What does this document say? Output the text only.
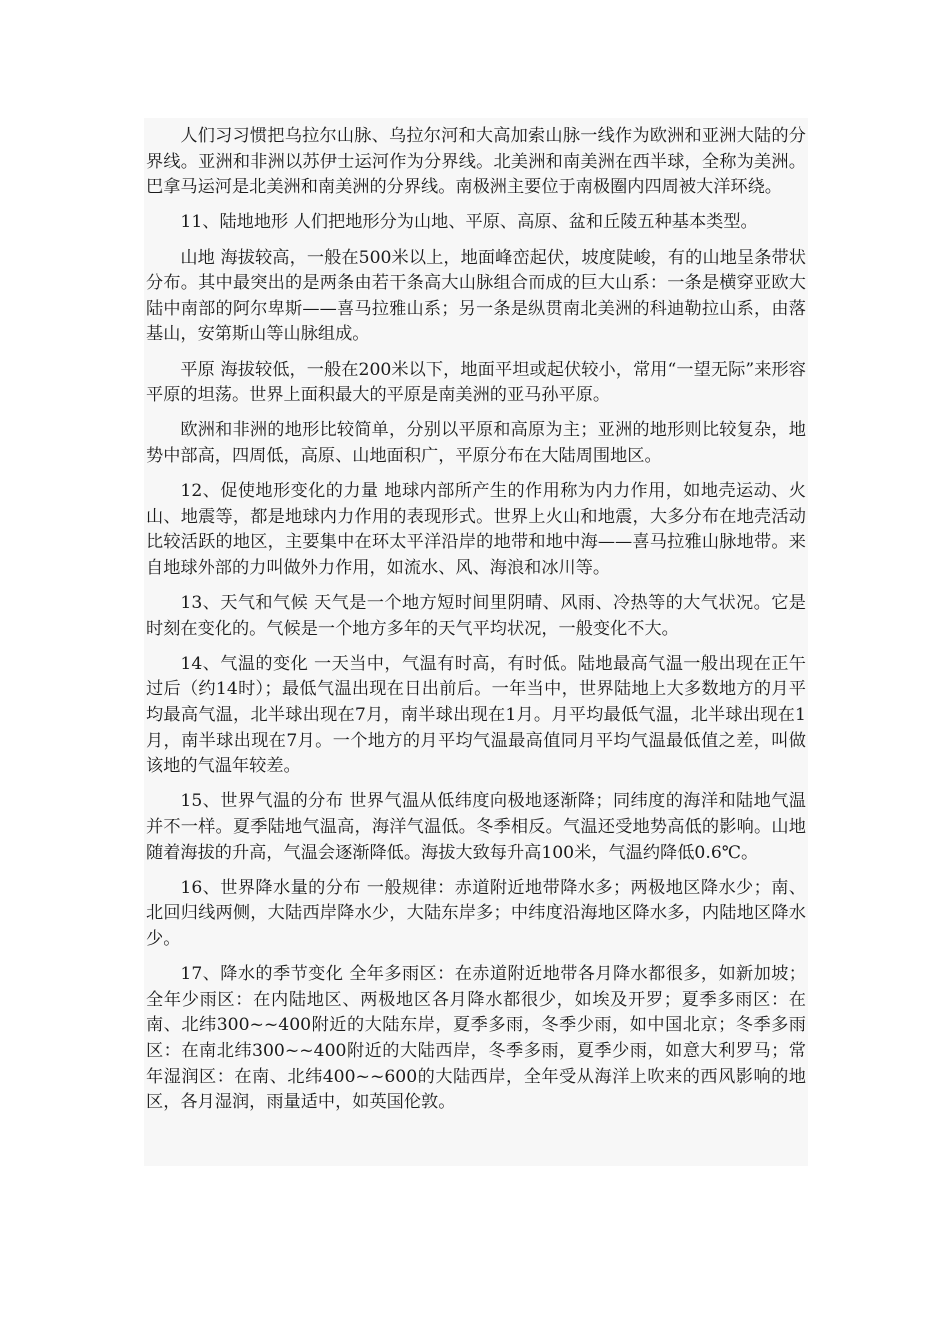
人们习习惯把乌拉尔山脉、乌拉尔河和大高加索山脉一线作为欧洲和亚洲大陆的分界线。亚洲和非洲以苏伊士运河作为分界线。北美洲和南美洲在西半球，全称为美洲。巴拿马运河是北美洲和南美洲的分界线。南极洲主要位于南极圈内四周被大洋环绕。

11、陆地地形 人们把地形分为山地、平原、高原、盆和丘陵五种基本类型。

山地 海拔较高，一般在500米以上，地面峰峦起伏，坡度陡峻，有的山地呈条带状分布。其中最突出的是两条由若干条高大山脉组合而成的巨大山系：一条是横穿亚欧大陆中南部的阿尔卑斯——喜马拉雅山系；另一条是纵贯南北美洲的科迪勒拉山系，由落基山，安第斯山等山脉组成。

平原 海拔较低，一般在200米以下，地面平坦或起伏较小，常用“一望无际”来形容平原的坦荡。世界上面积最大的平原是南美洲的亚马孙平原。

欧洲和非洲的地形比较简单，分别以平原和高原为主；亚洲的地形则比较复杂，地势中部高，四周低，高原、山地面积广，平原分布在大陆周围地区。

12、促使地形变化的力量 地球内部所产生的作用称为内力作用，如地壳运动、火山、地震等，都是地球内力作用的表现形式。世界上火山和地震，大多分布在地壳活动比较活跃的地区，主要集中在环太平洋沿岸的地带和地中海——喜马拉雅山脉地带。来自地球外部的力叫做外力作用，如流水、风、海浪和冰川等。

13、天气和气候 天气是一个地方短时间里阴晴、风雨、冷热等的大气状况。它是时刻在变化的。气候是一个地方多年的天气平均状况，一般变化不大。

14、气温的变化 一天当中，气温有时高，有时低。陆地最高气温一般出现在正午过后（约14时）；最低气温出现在日出前后。一年当中，世界陆地上大多数地方的月平均最高气温，北半球出现在7月，南半球出现在1月。月平均最低气温，北半球出现在1月，南半球出现在7月。一个地方的月平均气温最高值同月平均气温最低值之差，叫做该地的气温年较差。

15、世界气温的分布 世界气温从低纬度向极地逐渐降；同纬度的海洋和陆地气温并不一样。夏季陆地气温高，海洋气温低。冬季相反。气温还受地势高低的影响。山地随着海拔的升高，气温会逐渐降低。海拔大致每升高100米，气温约降低0.6℃。

16、世界降水量的分布 一般规律：赤道附近地带降水多；两极地区降水少；南、北回归线两侧，大陆西岸降水少，大陆东岸多；中纬度沿海地区降水多，内陆地区降水少。

17、降水的季节变化 全年多雨区：在赤道附近地带各月降水都很多，如新加坡；全年少雨区：在内陆地区、两极地区各月降水都很少，如埃及开罗；夏季多雨区：在南、北纬300~~400附近的大陆东岸，夏季多雨，冬季少雨，如中国北京；冬季多雨区：在南北纬300~~400附近的大陆西岸，冬季多雨，夏季少雨，如意大利罗马；常年湿润区：在南、北纬400~~600的大陆西岸，全年受从海洋上吹来的西风影响的地区，各月湿润，雨量适中，如英国伦敦。
